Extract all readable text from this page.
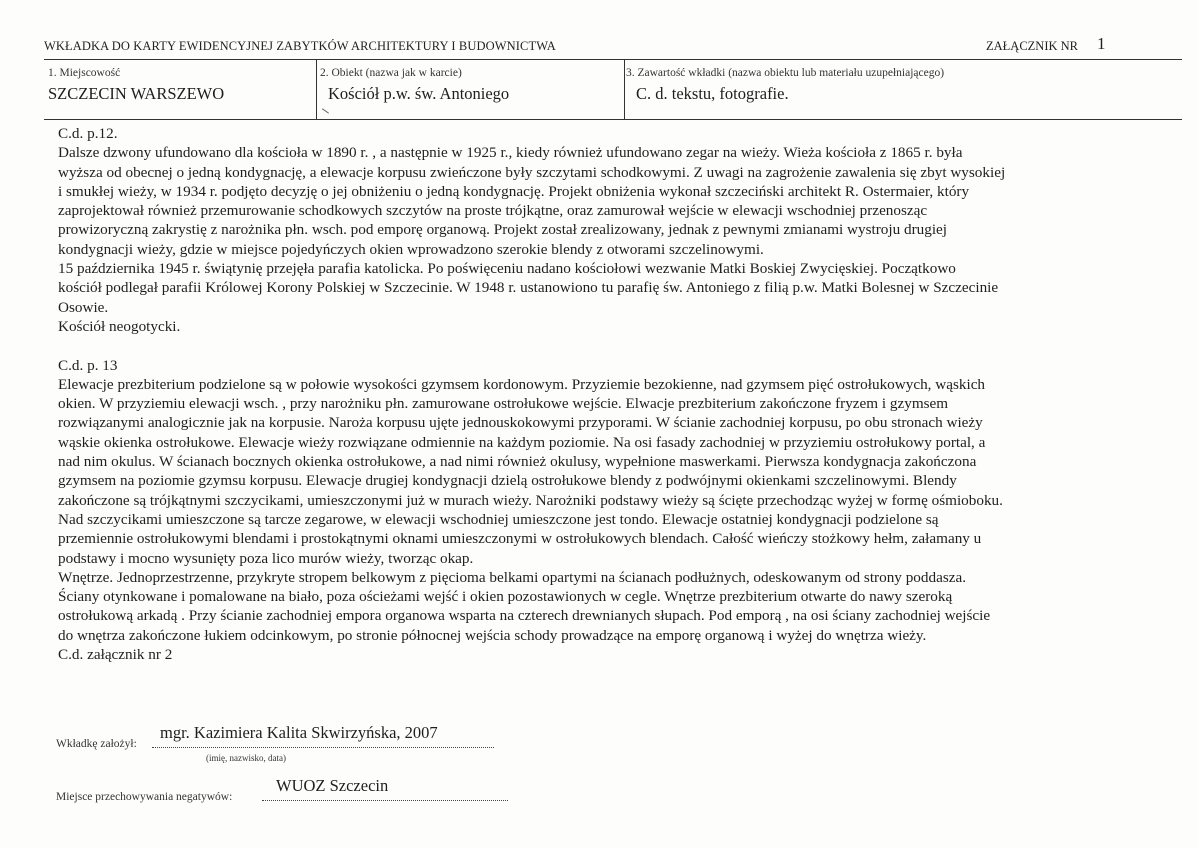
WKŁADKA DO KARTY EWIDENCYJNEJ ZABYTKÓW ARCHITEKTURY I BUDOWNICTWA	ZAŁĄCZNIK NR 1
1. Miejscowość
SZCZECIN WARSZEWO
2. Obiekt (nazwa jak w karcie)
Kościół p.w. św. Antoniego
3. Zawartość wkładki (nazwa obiektu lub materiału uzupełniającego)
C. d. tekstu, fotografie.
C.d. p.12.
Dalsze dzwony ufundowano dla kościoła w 1890 r. , a następnie w 1925 r., kiedy również ufundowano zegar na wieży. Wieża kościoła z 1865 r. była
wyższa od obecnej o jedną kondygnację, a elewacje korpusu zwieńczone były szczytami schodkowymi. Z uwagi na zagrożenie zawalenia się zbyt wysokiej
i smukłej wieży, w 1934 r. podjęto decyzję o jej obniżeniu o jedną kondygnację. Projekt obniżenia wykonał szczeciński architekt R. Ostermaier, który
zaprojektował również przemurowanie schodkowych szczytów na proste trójkątne, oraz zamurował wejście w elewacji wschodniej przenosząc
prowizoryczną zakrystię z narożnika płn. wsch. pod emporę organową. Projekt został zrealizowany, jednak z pewnymi zmianami wystroju drugiej
kondygnacji wieży, gdzie w miejsce pojedyńczych okien wprowadzono szerokie blendy z otworami szczelinowymi.
15 października 1945 r. świątynię przejęła parafia katolicka. Po poświęceniu nadano kościołowi wezwanie Matki Boskiej Zwycięskiej. Początkowo
kościół podlegał parafii Królowej Korony Polskiej w Szczecinie. W 1948 r. ustanowiono tu parafię św. Antoniego z filią p.w. Matki Bolesnej w Szczecinie
Osowie.
Kościół neogotycki.
C.d. p. 13
Elewacje prezbiterium podzielone są w połowie wysokości gzymsem kordonowym. Przyziemie bezokienne, nad gzymsem pięć ostrołukowych, wąskich
okien. W przyziemiu elewacji wsch. , przy narożniku płn. zamurowane ostrołukowe wejście. Elwacje prezbiterium zakończone fryzem i gzymsem
rozwiązanymi analogicznie jak na korpusie. Naroża korpusu ujęte jednouskokowymi przyporami. W ścianie zachodniej korpusu, po obu stronach wieży
wąskie okienka ostrołukowe. Elewacje wieży rozwiązane odmiennie na każdym poziomie. Na osi fasady zachodniej w przyziemiu ostrołukowy portal, a
nad nim okulus. W ścianach bocznych okienka ostrołukowe, a nad nimi również okulusy, wypełnione maswerkami. Pierwsza kondygnacja zakończona
gzymsem na poziomie gzymsu korpusu. Elewacje drugiej kondygnacji dzielą ostrołukowe blendy z podwójnymi okienkami szczelinowymi. Blendy
zakończone są trójkątnymi szczycikami, umieszczonymi już w murach wieży. Narożniki podstawy wieży są ścięte przechodząc wyżej w formę ośmioboku.
Nad szczycikami umieszczone są tarcze zegarowe, w elewacji wschodniej umieszczone jest tondo. Elewacje ostatniej kondygnacji podzielone są
przemiennie ostrołukowymi blendami i prostokątnymi oknami umieszczonymi w ostrołukowych blendach. Całość wieńczy stożkowy hełm, załamany u
podstawy i mocno wysunięty poza lico murów wieży, tworząc okap.
Wnętrze. Jednoprzestrzenne, przykryte stropem belkowym z pięcioma belkami opartymi na ścianach podłużnych, odeskowanym od strony poddasza.
Ściany otynkowane i pomalowane na biało, poza ościeżami wejść i okien pozostawionych w cegle. Wnętrze prezbiterium otwarte do nawy szeroką
ostrołukową arkadą . Przy ścianie zachodniej empora organowa wsparta na czterech drewnianych słupach. Pod emporą , na osi ściany zachodniej wejście
do wnętrza zakończone łukiem odcinkowym, po stronie północnej wejścia schody prowadzące na emporę organową i wyżej do wnętrza wieży.
C.d. załącznik nr 2
mgr. Kazimiera Kalita Skwirzyńska, 2007
Wkładkę założył:
(imię, nazwisko, data)
WUOZ Szczecin
Miejsce przechowywania negatywów:
